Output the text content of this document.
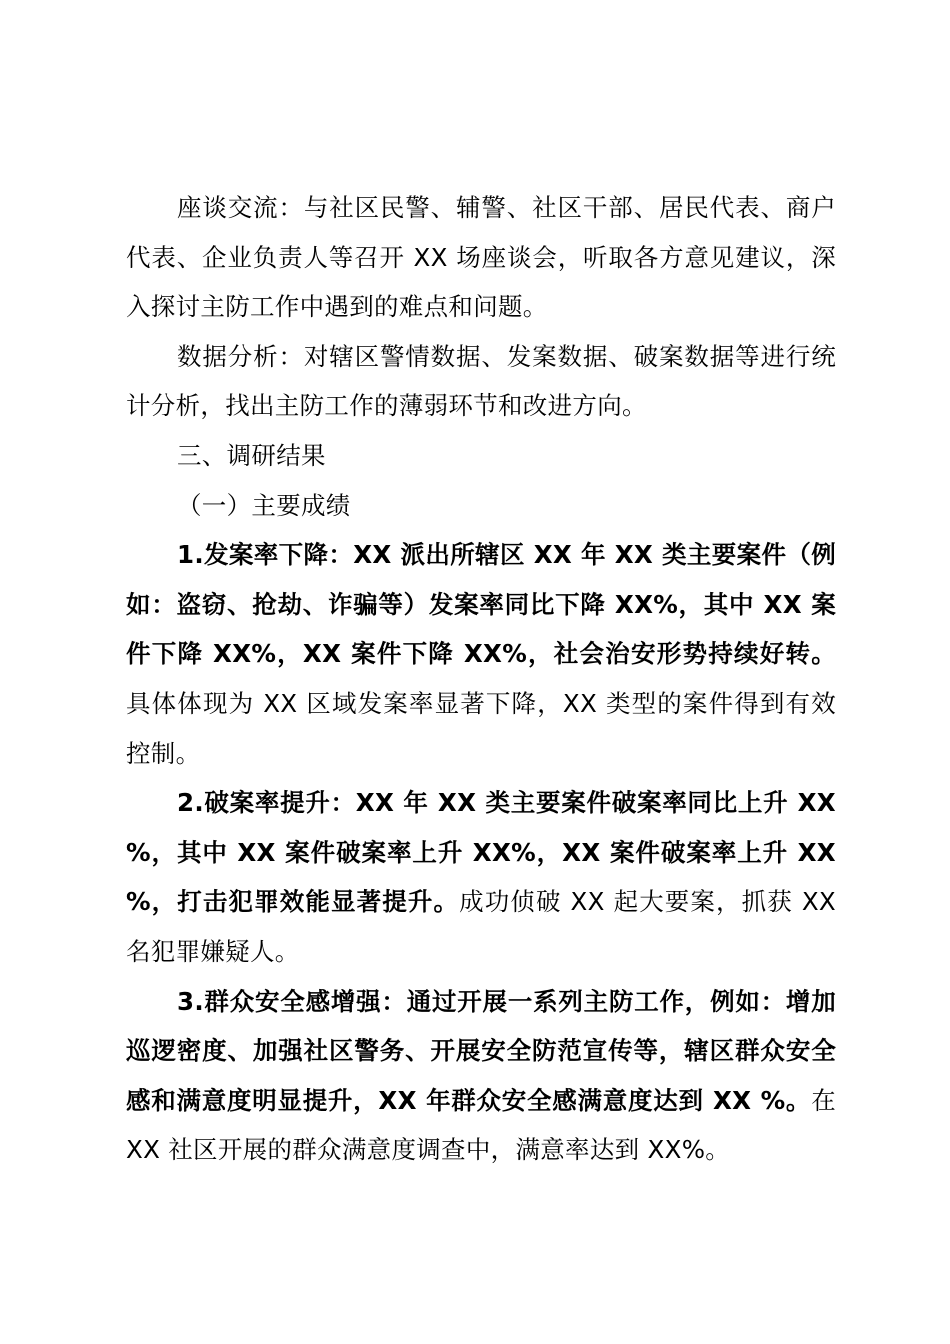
座谈交流：与社区民警、辅警、社区干部、居民代表、商户代表、企业负责人等召开 XX 场座谈会，听取各方意见建议，深入探讨主防工作中遇到的难点和问题。

数据分析：对辖区警情数据、发案数据、破案数据等进行统计分析，找出主防工作的薄弱环节和改进方向。

三、调研结果

（一）主要成绩

1.发案率下降：XX 派出所辖区 XX 年 XX 类主要案件（例如：盗窃、抢劫、诈骗等）发案率同比下降 XX%，其中 XX 案件下降 XX%，XX 案件下降 XX%，社会治安形势持续好转。具体体现为 XX 区域发案率显著下降，XX 类型的案件得到有效控制。

2.破案率提升：XX 年 XX 类主要案件破案率同比上升 XX %，其中 XX 案件破案率上升 XX%，XX 案件破案率上升 XX %，打击犯罪效能显著提升。成功侦破 XX 起大要案，抓获 XX 名犯罪嫌疑人。

3.群众安全感增强：通过开展一系列主防工作，例如：增加巡逻密度、加强社区警务、开展安全防范宣传等，辖区群众安全感和满意度明显提升，XX 年群众安全感满意度达到 XX %。在 XX 社区开展的群众满意度调查中，满意率达到 XX%。
